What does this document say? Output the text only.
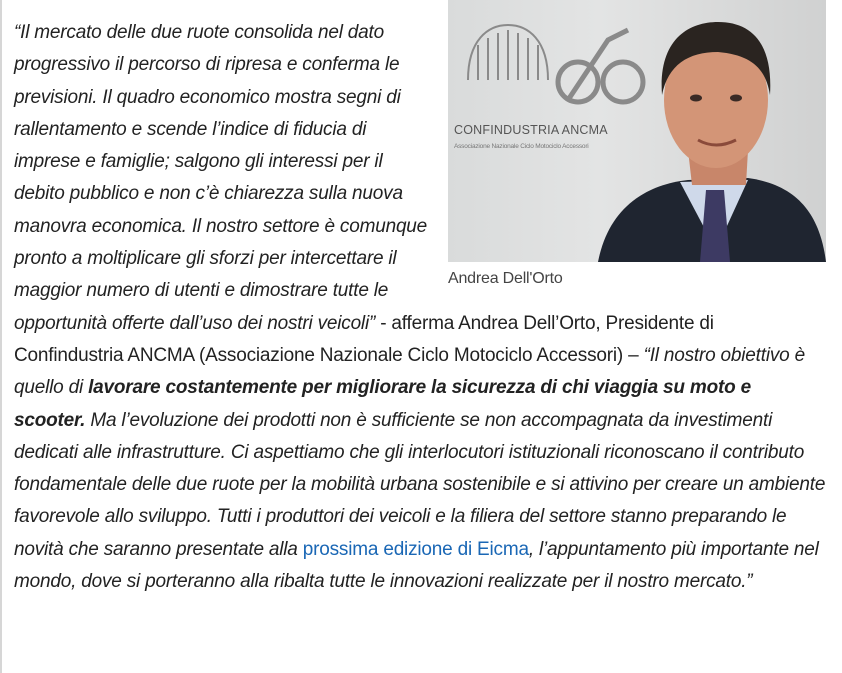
CONFINDUSTRIA ANCMA
Associazione Nazionale Ciclo Motociclo Accessori
Andrea Dell'Orto
“Il mercato delle due ruote consolida nel dato progressivo il percorso di ripresa e conferma le previsioni. Il quadro economico mostra segni di rallentamento e scende l’indice di fiducia di imprese e famiglie; salgono gli interessi per il debito pubblico e non c’è chiarezza sulla nuova manovra economica. Il nostro settore è comunque pronto a moltiplicare gli sforzi per intercettare il maggior numero di utenti e dimostrare tutte le opportunità offerte dall’uso dei nostri veicoli” - afferma Andrea Dell’Orto, Presidente di Confindustria ANCMA (Associazione Nazionale Ciclo Motociclo Accessori) – “Il nostro obiettivo è quello di lavorare costantemente per migliorare la sicurezza di chi viaggia su moto e scooter. Ma l’evoluzione dei prodotti non è sufficiente se non accompagnata da investimenti dedicati alle infrastrutture. Ci aspettiamo che gli interlocutori istituzionali riconoscano il contributo fondamentale delle due ruote per la mobilità urbana sostenibile e si attivino per creare un ambiente favorevole allo sviluppo. Tutti i produttori dei veicoli e la filiera del settore stanno preparando le novità che saranno presentate alla prossima edizione di Eicma, l’appuntamento più importante nel mondo, dove si porteranno alla ribalta tutte le innovazioni realizzate per il nostro mercato.”
